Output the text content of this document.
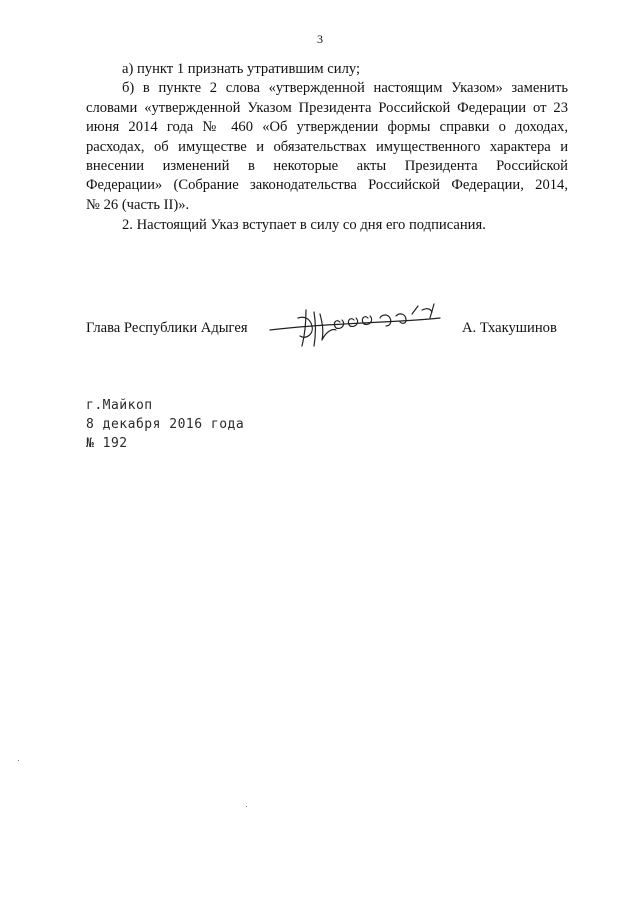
3
а) пункт 1 признать утратившим силу;
б) в пункте 2 слова «утвержденной настоящим Указом» заменить
словами «утвержденной Указом Президента Российской Федерации от 23
июня 2014 года № 460 «Об утверждении формы справки о доходах,
расходах, об имуществе и обязательствах имущественного характера и
внесении изменений в некоторые акты Президента Российской
Федерации» (Собрание законодательства Российской Федерации, 2014,
№ 26 (часть II)».
2. Настоящий Указ вступает в силу со дня его подписания.
Глава Республики Адыгея	А. Тхакушинов
г.Майкоп
8 декабря 2016 года
№ 192
